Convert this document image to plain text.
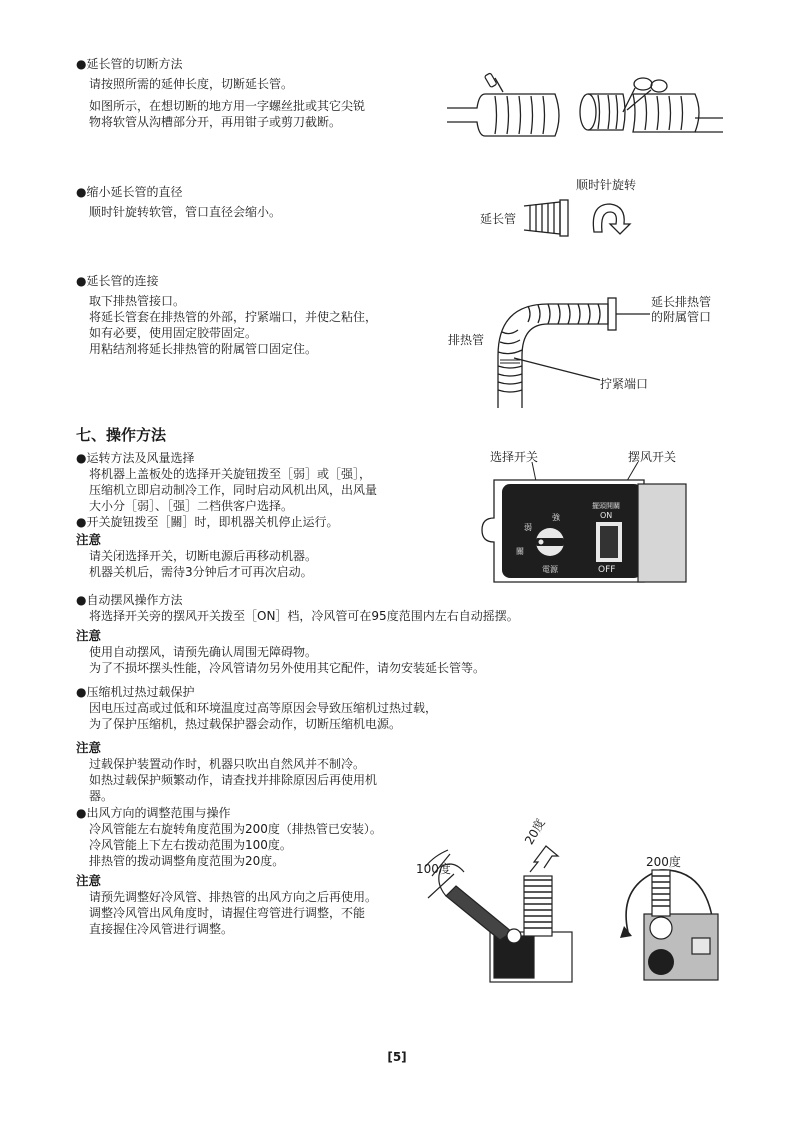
●延长管的切断方法

请按照所需的延伸长度，切断延长管。

如图所示，在想切断的地方用一字螺丝批或其它尖锐

物将软管从沟槽部分开，再用钳子或剪刀截断。

●缩小延长管的直径

顺时针旋转软管，管口直径会缩小。

顺时针旋转
延长管

●延长管的连接

取下排热管接口。

将延长管套在排热管的外部，拧紧端口，并使之粘住，

如有必要，使用固定胶带固定。

用粘结剂将延长排热管的附属管口固定住。

延长排热管
的附属管口
排热管
拧紧端口
七、操作方法

●运转方法及风量选择

将机器上盖板处的选择开关旋钮拨至［弱］或［强］，

压缩机立即启动制冷工作，同时启动风机出风，出风量

大小分［弱］、［强］二档供客户选择。

●开关旋钮拨至［關］时，即机器关机停止运行。

注意

请关闭选择开关，切断电源后再移动机器。

机器关机后，需待3分钟后才可再次启动。

选择开关	摆风开关
強
弱
關
電源
擺頭開關
ON
OFF

●自动摆风操作方法

将选择开关旁的摆风开关拨至［ON］档，冷风管可在95度范围内左右自动摇摆。

注意

使用自动摆风，请预先确认周围无障碍物。

为了不损坏摆头性能，冷风管请勿另外使用其它配件，请勿安装延长管等。

●压缩机过热过载保护

因电压过高或过低和环境温度过高等原因会导致压缩机过热过载，

为了保护压缩机，热过载保护器会动作，切断压缩机电源。

注意

过载保护装置动作时，机器只吹出自然风并不制冷。

如热过载保护频繁动作，请查找并排除原因后再使用机

器。

●出风方向的调整范围与操作

冷风管能左右旋转角度范围为200度（排热管已安装）。

冷风管能上下左右拨动范围为100度。

排热管的拨动调整角度范围为20度。

注意

请预先调整好冷风管、排热管的出风方向之后再使用。

调整冷风管出风角度时，请握住弯管进行调整，不能

直接握住冷风管进行调整。

100度
20度
200度
[5]
